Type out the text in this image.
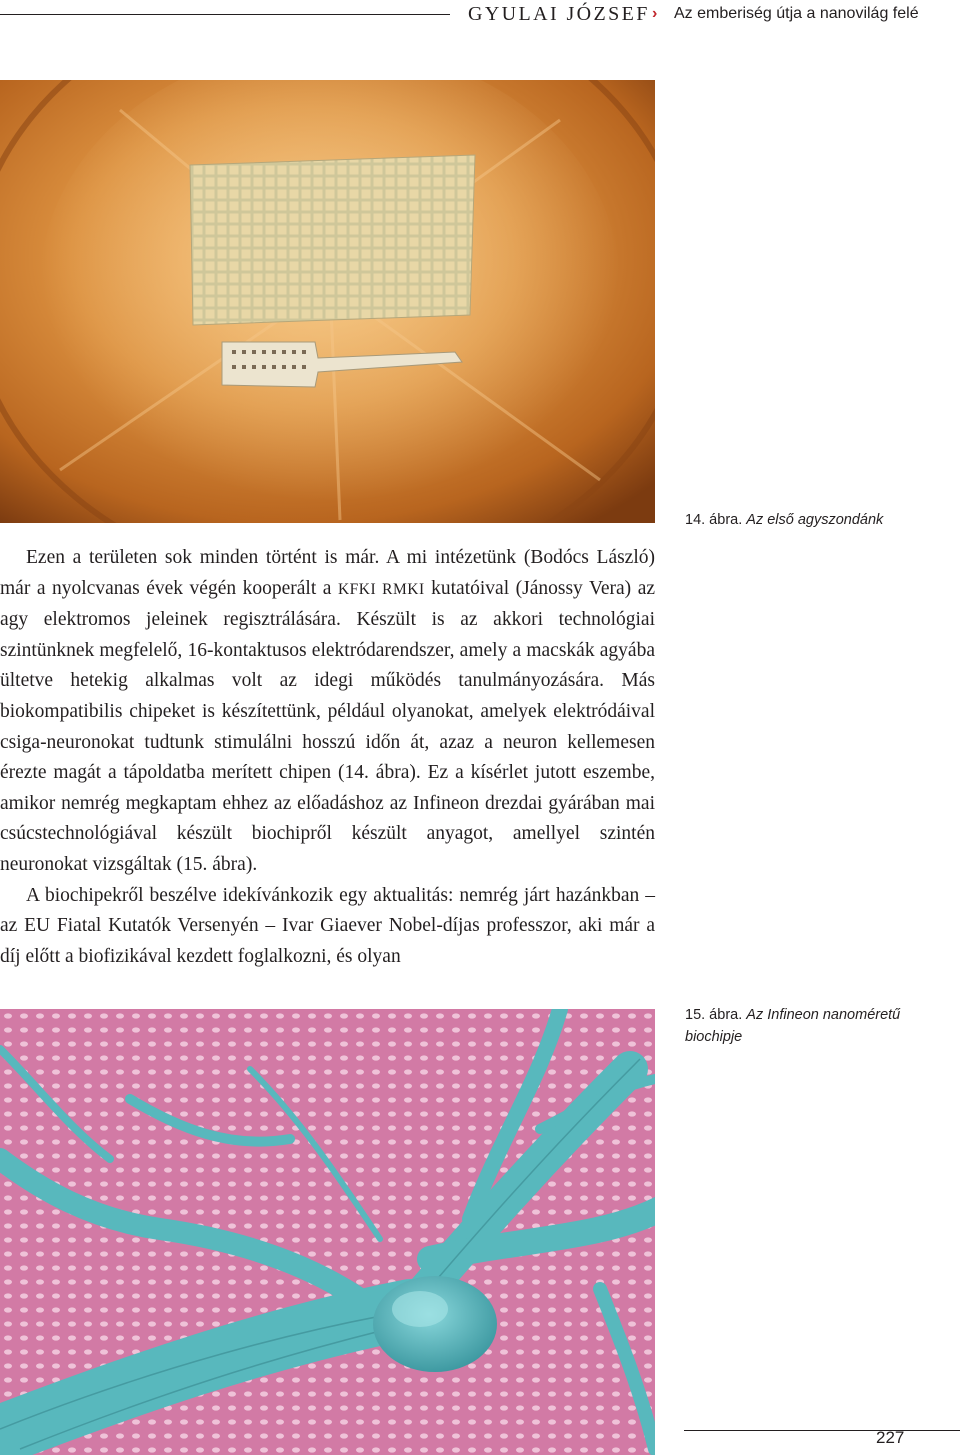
GYULAI JÓZSEF › Az emberiség útja a nanovilág felé
14. ábra. Az első agyszondánk

Ezen a területen sok minden történt is már. A mi intézetünk (Bodócs László) már a nyolcvanas évek végén kooperált a KFKI RMKI kutatóival (Jánossy Vera) az agy elektromos jeleinek regisztrálására. Készült is az akkori technológiai szintünknek megfelelő, 16-kontaktusos elektródarendszer, amely a macskák agyába ültetve hetekig alkalmas volt az idegi működés tanulmányozására. Más biokompatibilis chipeket is készítettünk, például olyanokat, amelyek elektródáival csiga-neuronokat tudtunk stimulálni hosszú időn át, azaz a neuron kellemesen érezte magát a tápoldatba merített chipen (14. ábra). Ez a kísérlet jutott eszembe, amikor nemrég megkaptam ehhez az előadáshoz az Infineon drezdai gyárában mai csúcstechnológiával készült biochipről készült anyagot, amellyel szintén neuronokat vizsgáltak (15. ábra).

A biochipekről beszélve idekívánkozik egy aktualitás: nemrég járt hazánkban – az EU Fiatal Kutatók Versenyén – Ivar Giaever Nobel-díjas professzor, aki már a díj előtt a biofizikával kezdett foglalkozni, és olyan

15. ábra. Az Infineon nanoméretű biochipje
227
